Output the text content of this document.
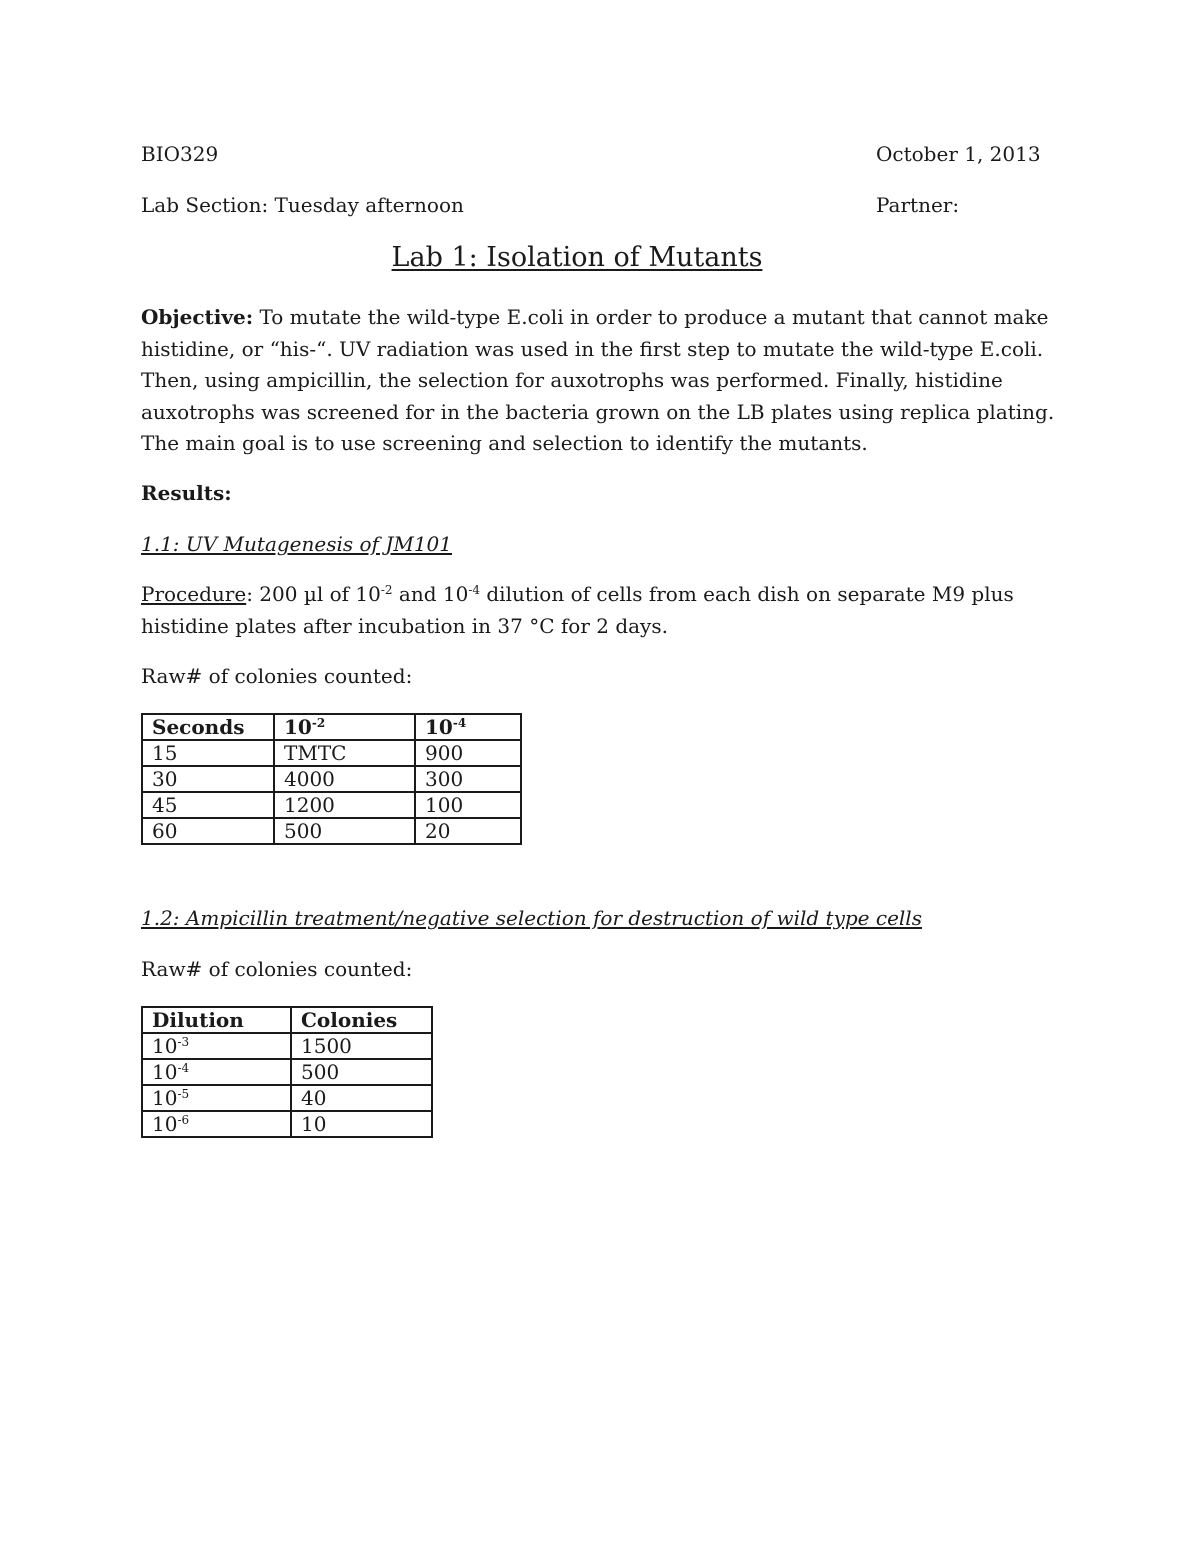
BIO329	October 1, 2013
Lab Section: Tuesday afternoon	Partner:
Lab 1: Isolation of Mutants

Objective: To mutate the wild-type E.coli in order to produce a mutant that cannot make histidine, or “his-“. UV radiation was used in the first step to mutate the wild-type E.coli. Then, using ampicillin, the selection for auxotrophs was performed. Finally, histidine auxotrophs was screened for in the bacteria grown on the LB plates using replica plating. The main goal is to use screening and selection to identify the mutants.

Results:
1.1: UV Mutagenesis of JM101

Procedure: 200 µl of $10^{-2}$ and $10^{-4}$ dilution of cells from each dish on separate M9 plus histidine plates after incubation in 37 °C for 2 days.

Raw# of colonies counted:
Seconds	$10^{-2}$	$10^{-4}$
15	TMTC	900
30	4000	300
45	1200	100
60	500	20
1.2: Ampicillin treatment/negative selection for destruction of wild type cells
Raw# of colonies counted:
Dilution	Colonies
$10^{-3}$	1500
$10^{-4}$	500
$10^{-5}$	40
$10^{-6}$	10
